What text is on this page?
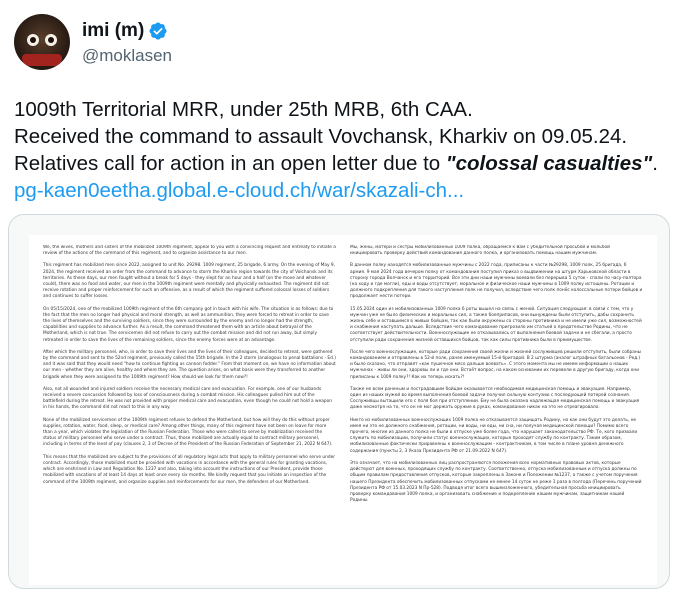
imi (m)
@moklasen

1009th Territorial MRR, under 25th MRB, 6th CAA.

Received the command to assault Vovchansk, Kharkiv on 09.05.24.

Relatives call for action in an open letter due to "colossal casualties".

pg-kaen0eetha.global.e-cloud.ch/war/skazali-ch...

We, the wives, mothers and sisters of the mobilized 1009th regiment, appeal to you with a convincing request and entreaty to initiate a review of the actions of the command of this regiment, and to organize assistance to our men.

This regiment has mobilized men since 2022, assigned to unit No. 29298. 1009 regiment, 25 brigade, 6 army. On the evening of May 9, 2024, the regiment received an order from the command to advance to storm the Kharkiv region towards the city of Volchansk and its territories. As these days, our men fought without a break for 5 days - they slept for an hour and a half (on the move and whatever could), there was no food and water, our men in the 1009th regiment were mentally and physically exhausted. The regiment did not receive rotation and proper reinforcement for such an offensive, as a result of which the regiment suffered colossal losses of soldiers and continues to suffer losses.

On 05/15/2024, one of the mobilized 1009th regiment of the 6th company got in touch with his wife. The situation is as follows: due to the fact that the men no longer had physical and moral strength, as well as ammunition, they were forced to retreat in order to save the lives of themselves and the surviving soldiers, since they were surrounded by the enemy and no longer had the strength, capabilities and supplies to advance further. As a result, the command threatened them with an article about betrayal of the Motherland, which is not true. The servicemen did not refuse to carry out the combat mission and did not run away, but simply retreated in order to save the lives of the remaining soldiers, since the enemy forces were at an advantage.

After which the military personnel, who, in order to save their lives and the lives of their colleagues, decided to retreat, were gathered by the command and sent to the 52nd regiment, previously called the 15th brigade. In the 2 storm (analogous to penal battalions - Ed.) and it was said that they would need "how to continue fighting as cannon fodder." From that moment on, we have no information about our men - whether they are alive, healthy and where they are. The question arises, on what basis were they transferred to another brigade when they were assigned to the 1009th regiment? How should we look for them now?!

Also, not all wounded and injured soldiers receive the necessary medical care and evacuation. For example, one of our husbands received a severe concussion followed by loss of consciousness during a combat mission. His colleagues pulled him out of the battlefield during the retreat. He was not provided with proper medical care and evacuation, even though he could not hold a weapon in his hands, the command did not react to this in any way.

None of the mobilized servicemen of the 1009th regiment refuses to defend the Motherland, but how will they do this without proper supplies, rotation, water, food, sleep, or medical care? Among other things, many of this regiment have not been on leave for more than a year, which violates the legislation of the Russian Federation. Those who were called to serve by mobilization received the status of military personnel who serve under a contract. Thus, those mobilized are actually equal to contract military personnel, including in terms of the level of pay (clauses 2, 3 of Decree of the President of the Russian Federation of September 21, 2022 N 647).

This means that the mobilized are subject to the provisions of all regulatory legal acts that apply to military personnel who serve under contract. Accordingly, those mobilized must be provided with vacations in accordance with the general rules for granting vacations, which are enshrined in Law and Regulation No. 1237 and also, taking into account the instructions of our President, provide those mobilized with vacations of at least 14 days at least once every six months. We kindly request that you initiate an inspection of the command of the 1009th regiment, and organize supplies and reinforcements for our men, the defenders of our Motherland.

Мы, жены, матери и сестры мобилизованных 1009 полка, обращаемся к Вам с убедительной просьбой и мольбой инициировать проверку действий командования данного полка, и организовать помощь нашим мужчинам.

В данном полку находятся мобилизованные мужчины с 2022 года, приписаны к части №29298, 1009 полк, 25 бригада, 6 армия. 9 мая 2024 года вечером полку от командования поступил приказ о выдвижении на штурм Харьковской области в сторону города Волчанск и его территорий. Все эти дни наши мужчины воевали без перерыва 5 суток - спали по часу-полтора (на ходу и где могли), еды и воды отсутствует, моральное и физическое наши мужчины в 1009 полку истощены. Ротации и должного подкрепления для такого наступления полк не получил, вследствие чего полк понёс колоссальные потери бойцов и продолжает нести потери.

15.05.2024 один из мобилизованных 1009 полка 6 роты вышел на связь с женой. Ситуация следующая: в связи с тем, что у мужчин уже не было физических и моральных сил, а также боеприпасов, они вынуждены были отступить, дабы сохранить жизнь себе и оставшимся в живых бойцам, так как были окружены со стороны противника и не имели уже сил, возможностей и снабжения наступать дальше. Вследствие чего командование пригрозило им статьей о предательстве Родины, что не соответствует действительности. Военнослужащие не отказывались от выполнения боевой задачи и не сбегали, а просто отступили ради сохранения жизней оставшихся бойцов, так как силы противника были в преимуществе.

После чего военнослужащие, которые ради сохранения своей жизни и жизней сослуживцев решили отступить, были собраны командованием и отправлены в 52-й полк, ранее именуемый 15-й бригадой. В 2 штурма (аналог штрафных батальонов - Ред.) и было сказано, что отправят «как пушечное мясо дальше воевать». С этого момента мы не имеем информации о наших мужчинах - живы ли они, здоровы ли и где они. Встаёт вопрос, на каком основании их перевели в другую бригаду, когда они приписаны к 1009 полку?! Как их теперь искать?!

Также не всем раненым и пострадавшим бойцам оказывается необходимая медицинская помощь и эвакуация. Например, один из наших мужей во время выполнения боевой задачи получил сильную контузию с последующей потерей сознания. Сослуживцы вытащили его с поля боя при отступлении. Ему не была оказана надлежащая медицинская помощь и эвакуация даже несмотря на то, что он не мог держать оружие в руках, командование никак на это не отреагировало.

Никто из мобилизованных военнослужащих 1009 полка не отказывается защищать Родину, но как они будут это делать, не имея ни это не должного снабжения, ротации, ни воды, ни еды, ни сна, ни получая медицинской помощи? Помимо всего прочего, многие из данного полка не были в отпуске уже более года, что нарушает законодательство РФ. Те, кого призвали служить по мобилизации, получили статус военнослужащих, которые проходят службу по контракту. Таким образом, мобилизованные фактически приравнены к военнослужащим - контрактникам, в том числе в плане уровня денежного содержания (пункты 2, 3 Указа Президента РФ от 21.09.2022 N 647).

Это означает, что на мобилизованных лиц распространяются положения всех нормативных правовых актов, которые действуют для военных, проходящих службу по контракту. Соответственно, отпуска мобилизованным и отпуска должны по общим правилам предоставления отпусков, которые закреплены в Законе и Положении №1237, а также с учетом поручения нашего Президента обеспечить мобилизованных отпусками не менее 14 суток не реже 1 раза в полгода (Перечень поручений Президента РФ от 15.03.2023 N Пр-528). Подводя итог всего вышеизложенного, убедительная просьба инициировать проверку командования 1009 полка, и организовать снабжение и подкрепление нашим мужчинам, защитникам нашей Родины.
